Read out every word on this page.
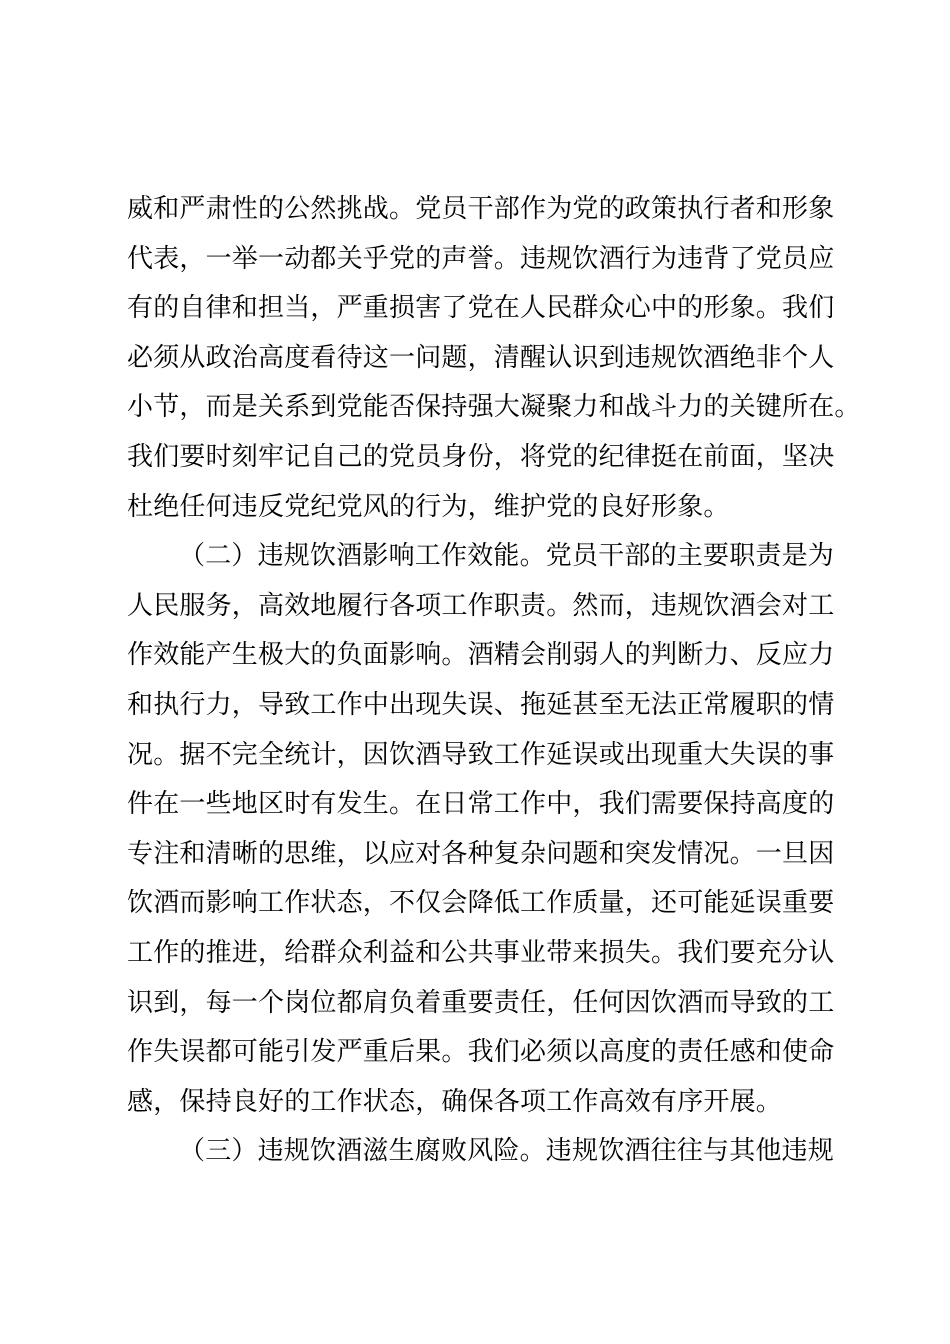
威和严肃性的公然挑战。党员干部作为党的政策执行者和形象
代表，一举一动都关乎党的声誉。违规饮酒行为违背了党员应
有的自律和担当，严重损害了党在人民群众心中的形象。我们
必须从政治高度看待这一问题，清醒认识到违规饮酒绝非个人
小节，而是关系到党能否保持强大凝聚力和战斗力的关键所在。
我们要时刻牢记自己的党员身份，将党的纪律挺在前面，坚决
杜绝任何违反党纪党风的行为，维护党的良好形象。
（二）违规饮酒影响工作效能。党员干部的主要职责是为
人民服务，高效地履行各项工作职责。然而，违规饮酒会对工
作效能产生极大的负面影响。酒精会削弱人的判断力、反应力
和执行力，导致工作中出现失误、拖延甚至无法正常履职的情
况。据不完全统计，因饮酒导致工作延误或出现重大失误的事
件在一些地区时有发生。在日常工作中，我们需要保持高度的
专注和清晰的思维，以应对各种复杂问题和突发情况。一旦因
饮酒而影响工作状态，不仅会降低工作质量，还可能延误重要
工作的推进，给群众利益和公共事业带来损失。我们要充分认
识到，每一个岗位都肩负着重要责任，任何因饮酒而导致的工
作失误都可能引发严重后果。我们必须以高度的责任感和使命
感，保持良好的工作状态，确保各项工作高效有序开展。
（三）违规饮酒滋生腐败风险。违规饮酒往往与其他违规
